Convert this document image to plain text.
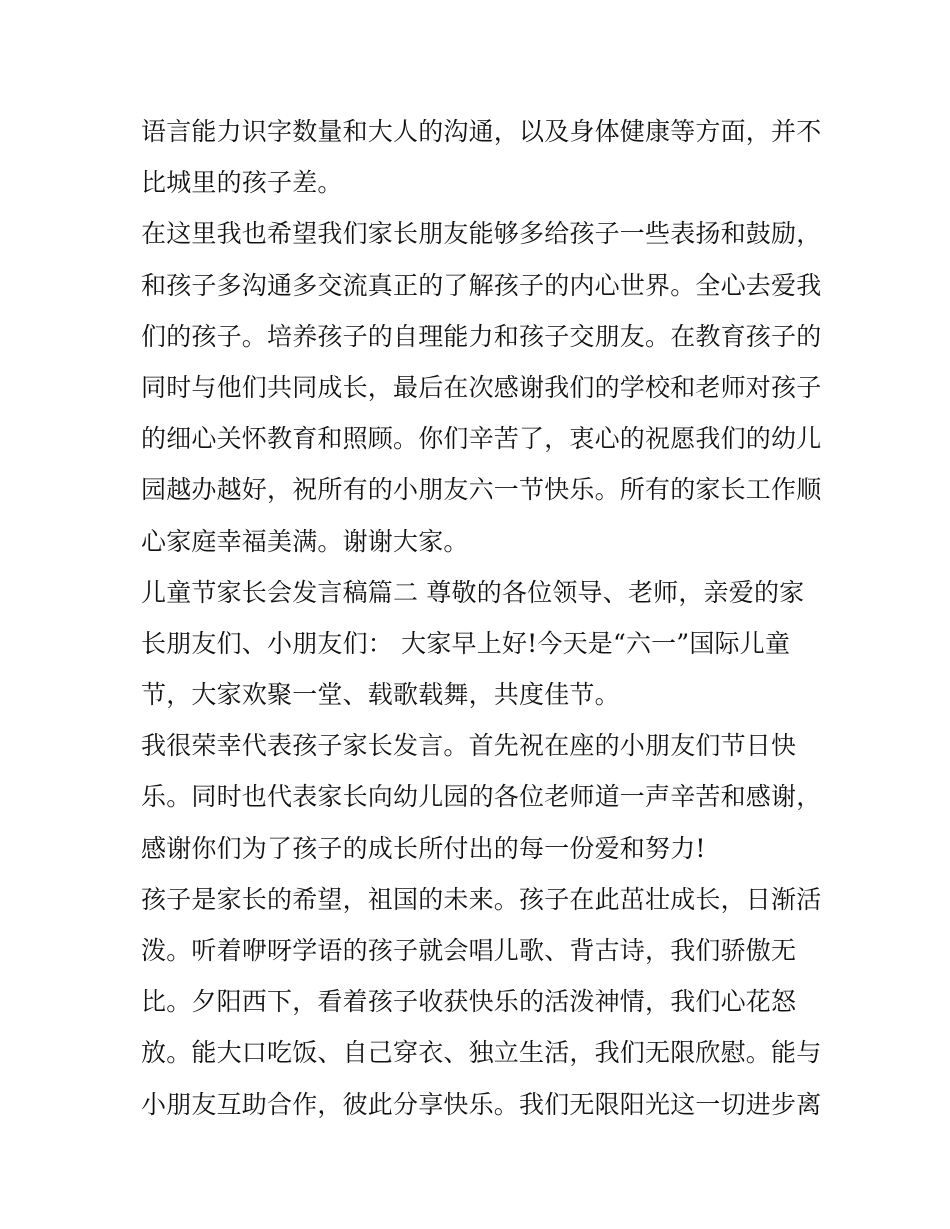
语言能力识字数量和大人的沟通，以及身体健康等方面，并不
比城里的孩子差。
在这里我也希望我们家长朋友能够多给孩子一些表扬和鼓励，
和孩子多沟通多交流真正的了解孩子的内心世界。全心去爱我
们的孩子。培养孩子的自理能力和孩子交朋友。在教育孩子的
同时与他们共同成长，最后在次感谢我们的学校和老师对孩子
的细心关怀教育和照顾。你们辛苦了，衷心的祝愿我们的幼儿
园越办越好，祝所有的小朋友六一节快乐。所有的家长工作顺
心家庭幸福美满。谢谢大家。
儿童节家长会发言稿篇二 尊敬的各位领导、老师，亲爱的家
长朋友们、小朋友们： 大家早上好!今天是“六一”国际儿童
节，大家欢聚一堂、载歌载舞，共度佳节。
我很荣幸代表孩子家长发言。首先祝在座的小朋友们节日快
乐。同时也代表家长向幼儿园的各位老师道一声辛苦和感谢，
感谢你们为了孩子的成长所付出的每一份爱和努力!
孩子是家长的希望，祖国的未来。孩子在此茁壮成长，日渐活
泼。听着咿呀学语的孩子就会唱儿歌、背古诗，我们骄傲无
比。夕阳西下，看着孩子收获快乐的活泼神情，我们心花怒
放。能大口吃饭、自己穿衣、独立生活，我们无限欣慰。能与
小朋友互助合作，彼此分享快乐。我们无限阳光这一切进步离
